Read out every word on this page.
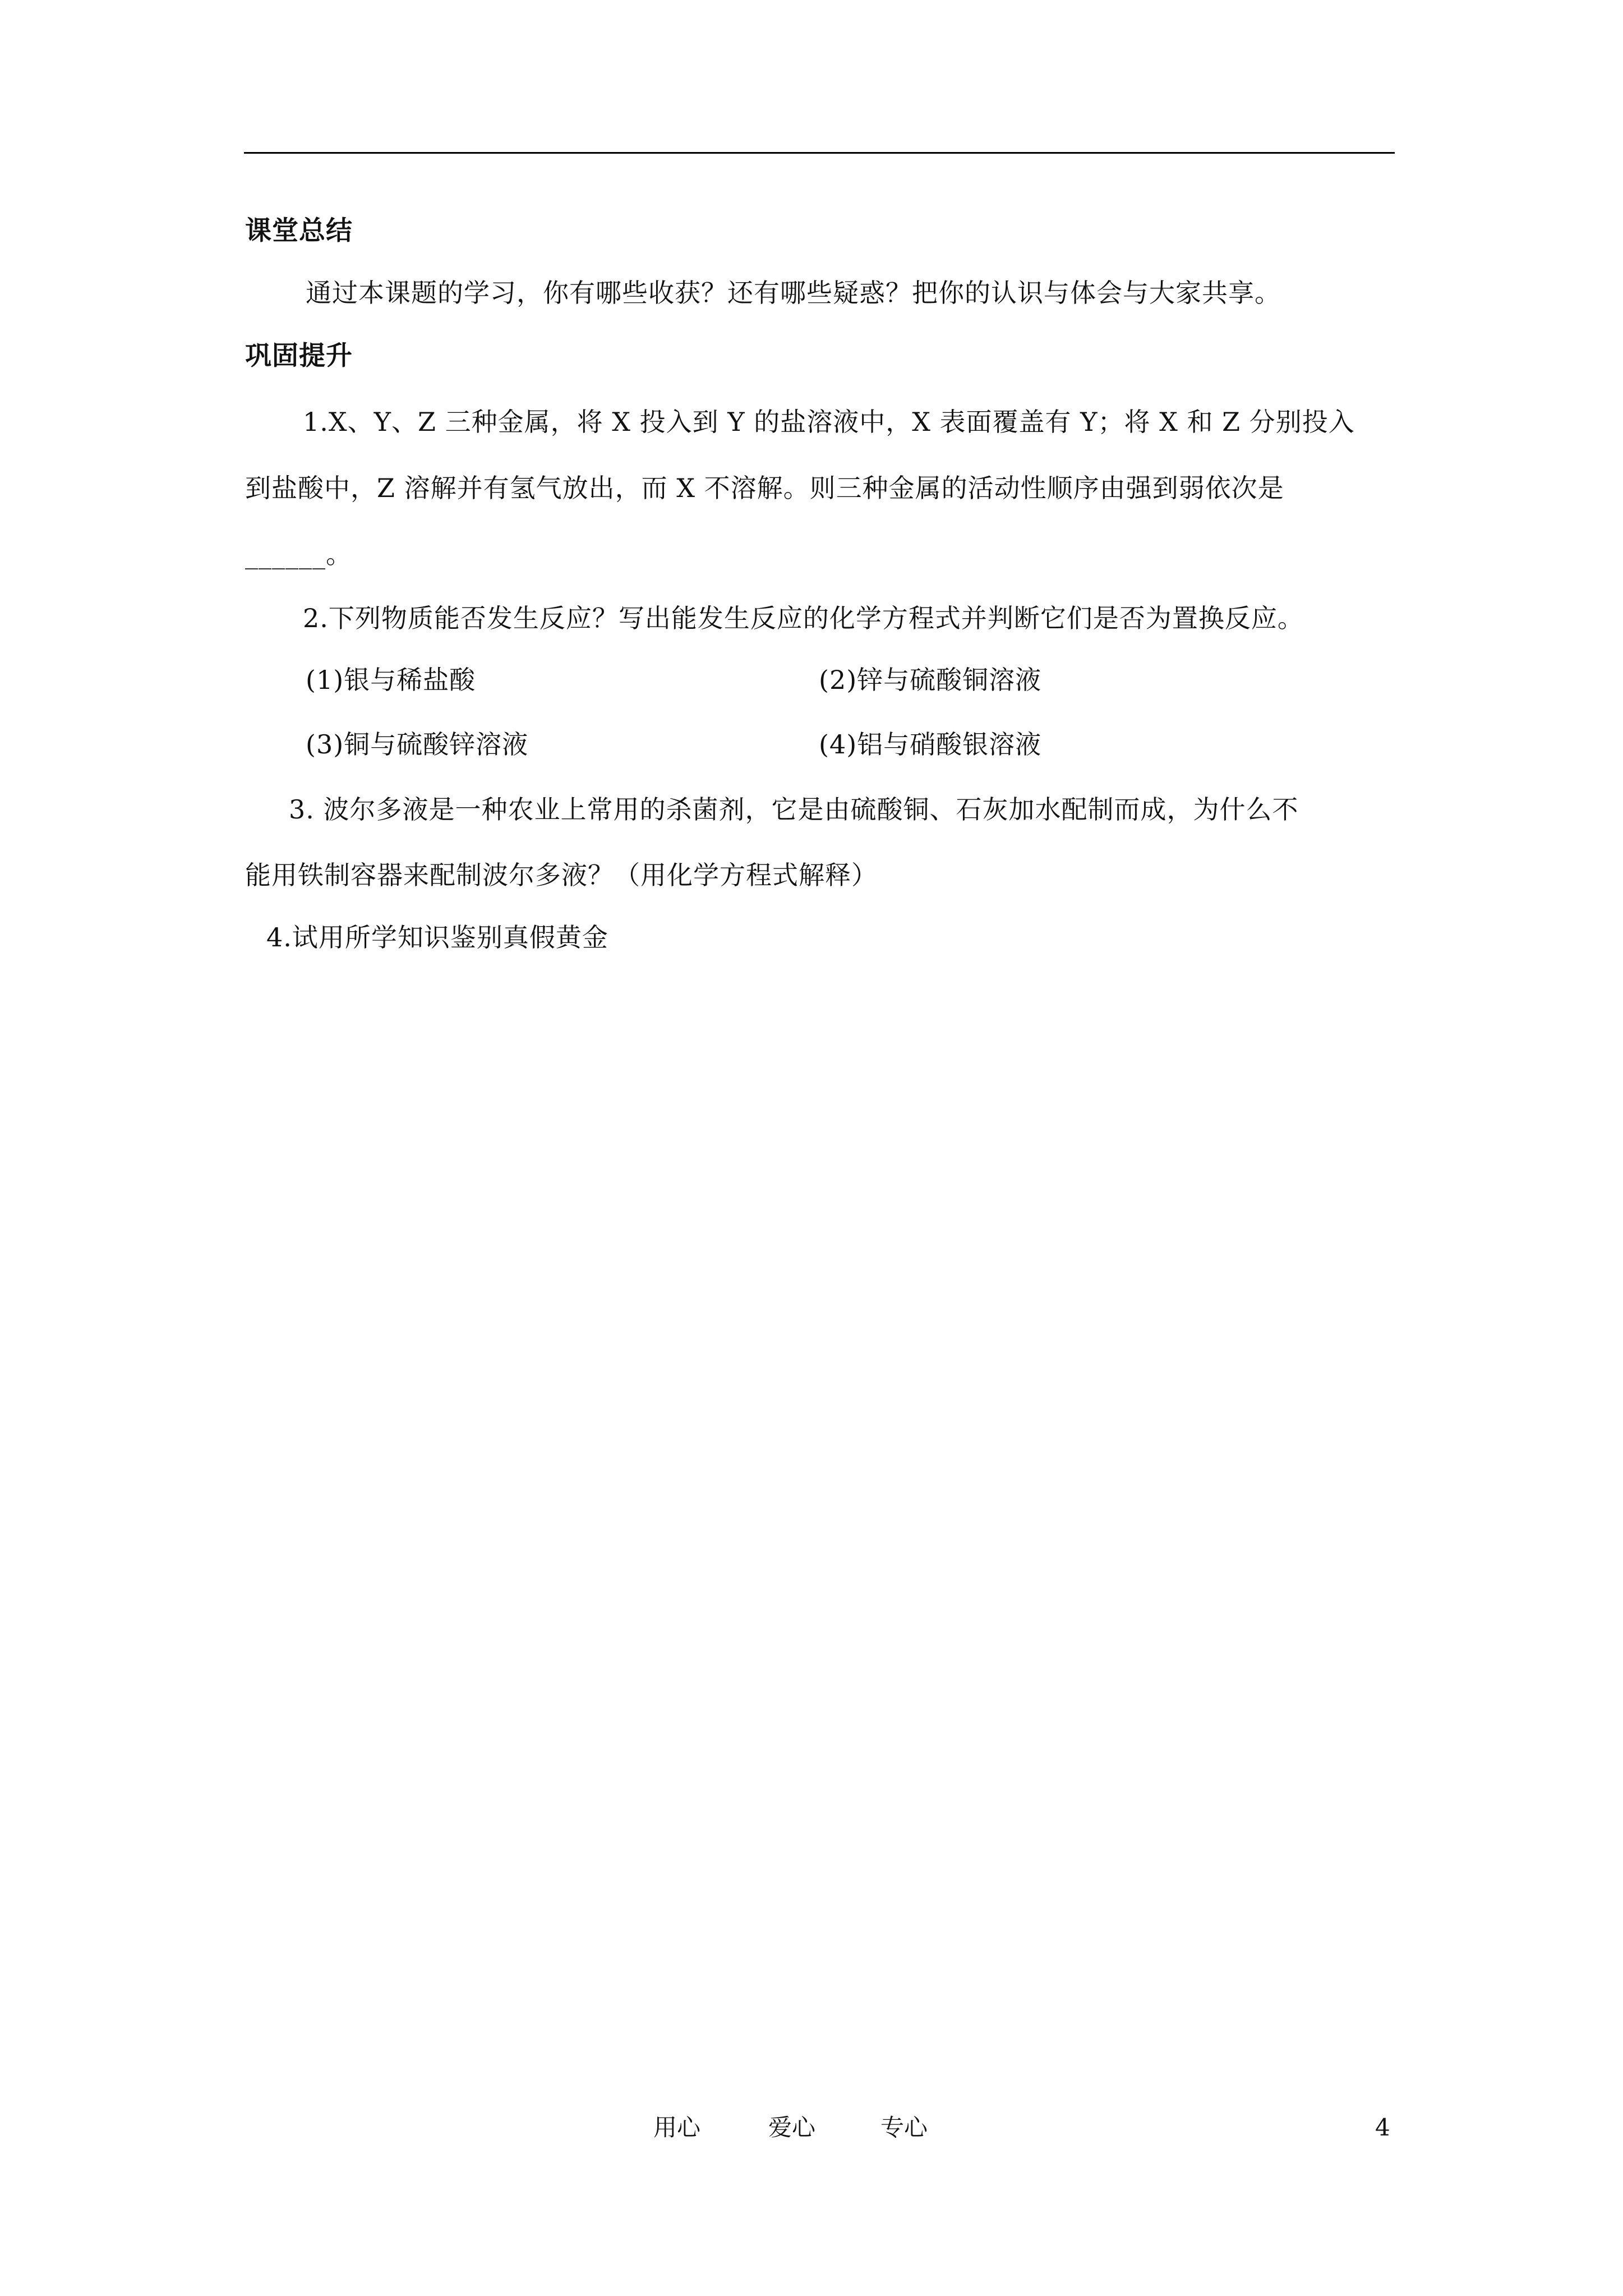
课堂总结
通过本课题的学习，你有哪些收获？还有哪些疑惑？把你的认识与体会与大家共享。
巩固提升
1.X、Y、Z 三种金属，将 X 投入到 Y 的盐溶液中，X 表面覆盖有 Y；将 X 和 Z 分别投入
到盐酸中，Z 溶解并有氢气放出，而 X 不溶解。则三种金属的活动性顺序由强到弱依次是
______。
2.下列物质能否发生反应？写出能发生反应的化学方程式并判断它们是否为置换反应。
(1)银与稀盐酸	(2)锌与硫酸铜溶液
(3)铜与硫酸锌溶液	(4)铝与硝酸银溶液
3. 波尔多液是一种农业上常用的杀菌剂，它是由硫酸铜、石灰加水配制而成，为什么不
能用铁制容器来配制波尔多液？（用化学方程式解释）
4.试用所学知识鉴别真假黄金
用心	爱心	专心	4
